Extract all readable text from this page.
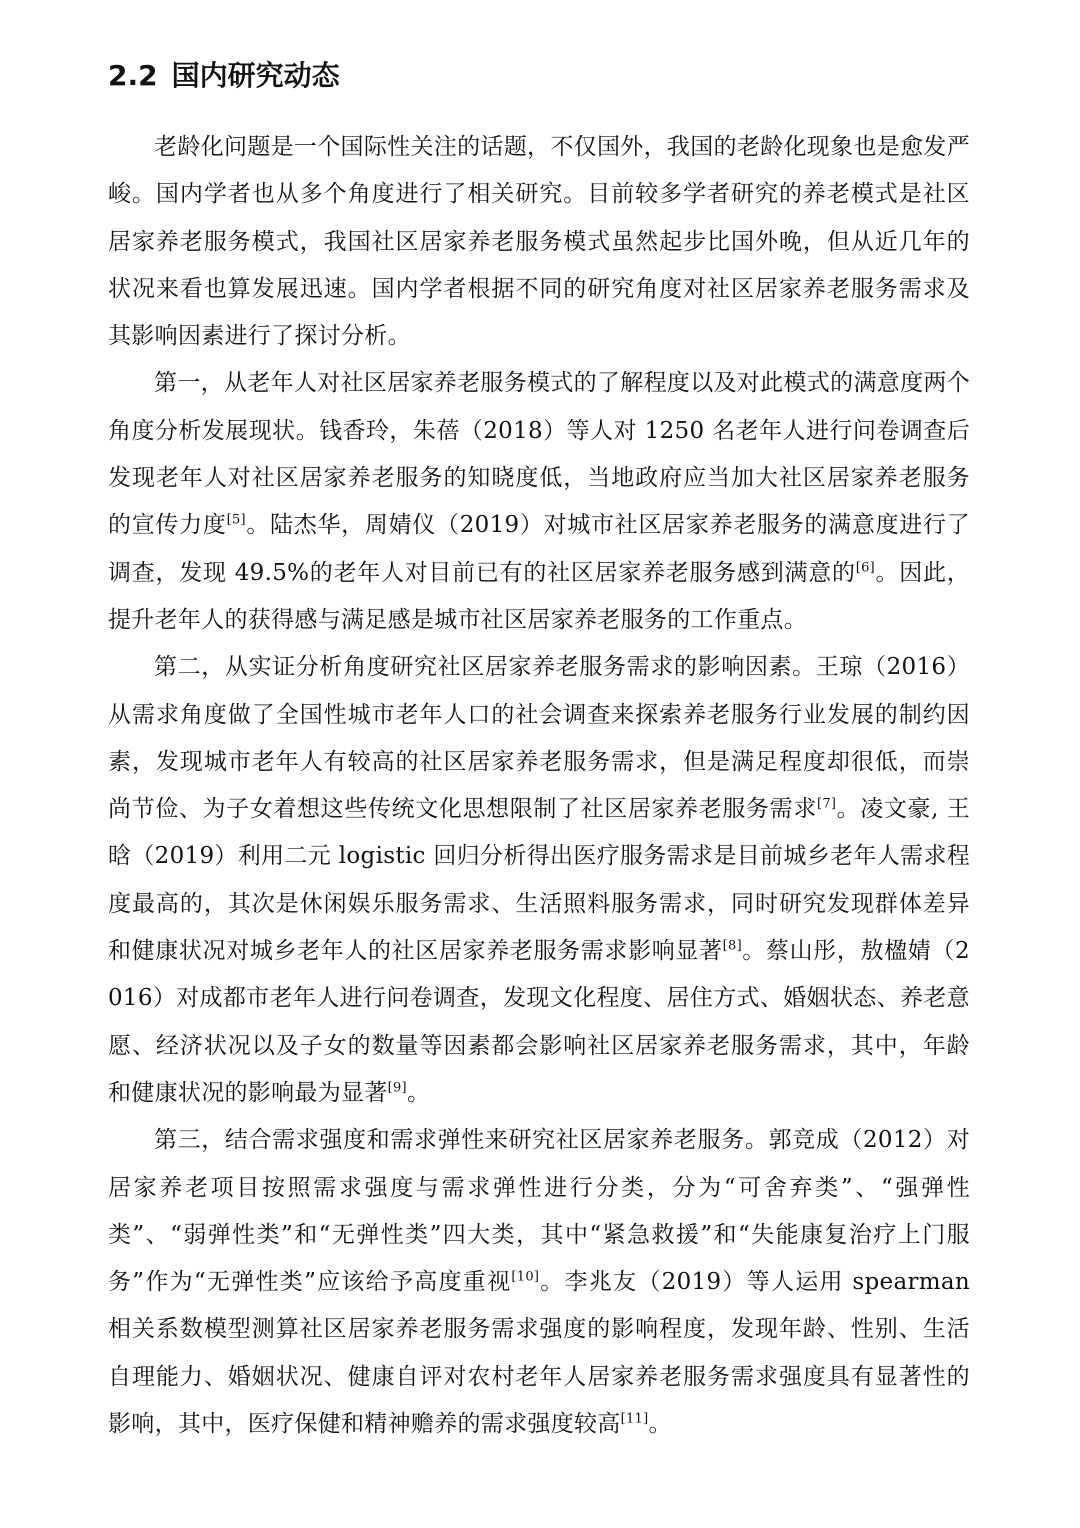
2.2 国内研究动态

老龄化问题是一个国际性关注的话题，不仅国外，我国的老龄化现象也是愈发严峻。国内学者也从多个角度进行了相关研究。目前较多学者研究的养老模式是社区居家养老服务模式，我国社区居家养老服务模式虽然起步比国外晚，但从近几年的状况来看也算发展迅速。国内学者根据不同的研究角度对社区居家养老服务需求及其影响因素进行了探讨分析。

第一，从老年人对社区居家养老服务模式的了解程度以及对此模式的满意度两个角度分析发展现状。钱香玲，朱蓓（2018）等人对 1250 名老年人进行问卷调查后发现老年人对社区居家养老服务的知晓度低，当地政府应当加大社区居家养老服务的宣传力度[5]。陆杰华，周婧仪（2019）对城市社区居家养老服务的满意度进行了调查，发现 49.5%的老年人对目前已有的社区居家养老服务感到满意的[6]。因此，提升老年人的获得感与满足感是城市社区居家养老服务的工作重点。

第二，从实证分析角度研究社区居家养老服务需求的影响因素。王琼（2016）从需求角度做了全国性城市老年人口的社会调查来探索养老服务行业发展的制约因素，发现城市老年人有较高的社区居家养老服务需求，但是满足程度却很低，而崇尚节俭、为子女着想这些传统文化思想限制了社区居家养老服务需求[7]。凌文豪, 王晗（2019）利用二元 logistic 回归分析得出医疗服务需求是目前城乡老年人需求程度最高的，其次是休闲娱乐服务需求、生活照料服务需求，同时研究发现群体差异和健康状况对城乡老年人的社区居家养老服务需求影响显著[8]。蔡山彤，敖楹婧（2016）对成都市老年人进行问卷调查，发现文化程度、居住方式、婚姻状态、养老意愿、经济状况以及子女的数量等因素都会影响社区居家养老服务需求，其中，年龄和健康状况的影响最为显著[9]。

第三，结合需求强度和需求弹性来研究社区居家养老服务。郭竞成（2012）对居家养老项目按照需求强度与需求弹性进行分类，分为“可舍弃类”、“强弹性类”、“弱弹性类”和“无弹性类”四大类，其中“紧急救援”和“失能康复治疗上门服务”作为“无弹性类”应该给予高度重视[10]。李兆友（2019）等人运用 spearman 相关系数模型测算社区居家养老服务需求强度的影响程度，发现年龄、性别、生活自理能力、婚姻状况、健康自评对农村老年人居家养老服务需求强度具有显著性的影响，其中，医疗保健和精神赡养的需求强度较高[11]。
